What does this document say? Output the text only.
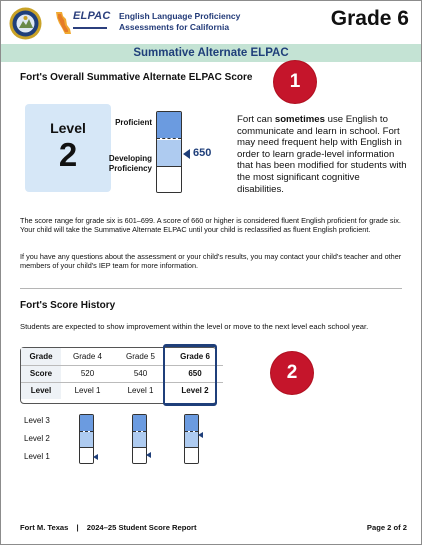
ELPAC English Language Proficiency
Assessments for California	Grade 6
Summative Alternate ELPAC
Fort's Overall Summative Alternate ELPAC Score	1
Level
2
Proficient
Developing
Proficiency
650
Fort can sometimes use English to communicate and learn in school. Fort may need frequent help with English in order to learn grade-level information that has been modified for students with the most significant cognitive disabilities.
The score range for grade six is 601–699. A score of 660 or higher is considered fluent English proficient for grade six. Your child will take the Summative Alternate ELPAC until your child is reclassified as fluent English proficient.
If you have any questions about the assessment or your child's results, you may contact your child's teacher and other members of your child's IEP team for more information.
Fort's Score History
Students are expected to show improvement within the level or move to the next level each school year.
Grade	Grade 4	Grade 5	Grade 6
Score	520	540	650
Level	Level 1	Level 1	Level 2
2
Level 3
Level 2
Level 1
Fort M. Texas | 2024–25 Student Score Report	Page 2 of 2
